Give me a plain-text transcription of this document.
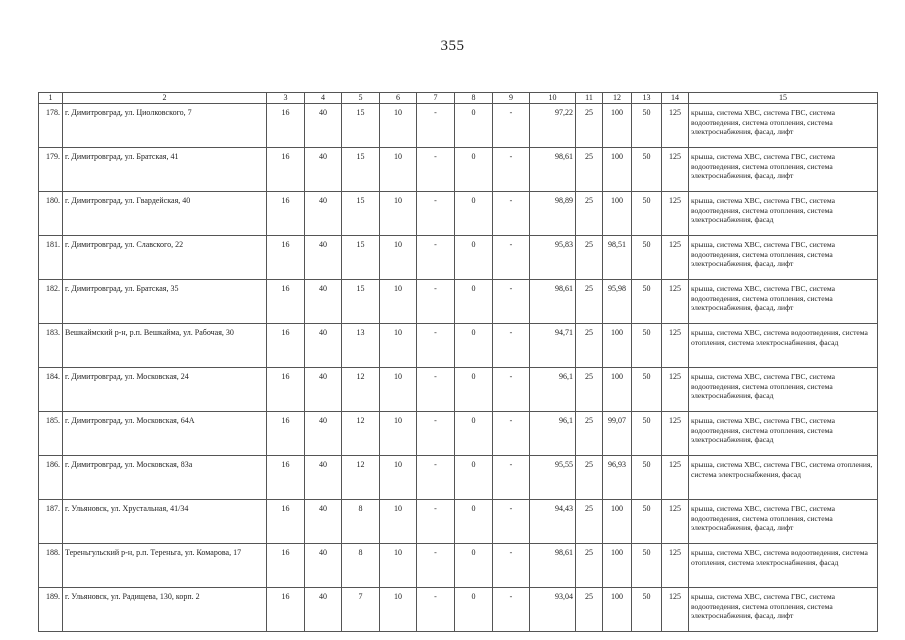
355
1	2	3	4	5	6	7	8	9	10	11	12	13	14	15
178.	г. Димитровград, ул. Циолковского, 7	16	40	15	10	-	0	-	97,22	25	100	50	125	крыша, система ХВС, система ГВС, система водоотведения, система отопления, система электроснабжения, фасад, лифт
179.	г. Димитровград, ул. Братская, 41	16	40	15	10	-	0	-	98,61	25	100	50	125	крыша, система ХВС, система ГВС, система водоотведения, система отопления, система электроснабжения, фасад, лифт
180.	г. Димитровград, ул. Гвардейская, 40	16	40	15	10	-	0	-	98,89	25	100	50	125	крыша, система ХВС, система ГВС, система водоотведения, система отопления, система электроснабжения, фасад
181.	г. Димитровград, ул. Славского, 22	16	40	15	10	-	0	-	95,83	25	98,51	50	125	крыша, система ХВС, система ГВС, система водоотведения, система отопления, система электроснабжения, фасад, лифт
182.	г. Димитровград, ул. Братская, 35	16	40	15	10	-	0	-	98,61	25	95,98	50	125	крыша, система ХВС, система ГВС, система водоотведения, система отопления, система электроснабжения, фасад, лифт
183.	Вешкаймский р-н, р.п. Вешкайма, ул. Рабочая, 30	16	40	13	10	-	0	-	94,71	25	100	50	125	крыша, система ХВС, система водоотведения, система отопления, система электроснабжения, фасад
184.	г. Димитровград, ул. Московская, 24	16	40	12	10	-	0	-	96,1	25	100	50	125	крыша, система ХВС, система ГВС, система водоотведения, система отопления, система электроснабжения, фасад
185.	г. Димитровград, ул. Московская, 64А	16	40	12	10	-	0	-	96,1	25	99,07	50	125	крыша, система ХВС, система ГВС, система водоотведения, система отопления, система электроснабжения, фасад
186.	г. Димитровград, ул. Московская, 83а	16	40	12	10	-	0	-	95,55	25	96,93	50	125	крыша, система ХВС, система ГВС, система отопления, система электроснабжения, фасад
187.	г. Ульяновск, ул. Хрустальная, 41/34	16	40	8	10	-	0	-	94,43	25	100	50	125	крыша, система ХВС, система ГВС, система водоотведения, система отопления, система электроснабжения, фасад, лифт
188.	Тереньгульский р-н, р.п. Тереньга, ул. Комарова, 17	16	40	8	10	-	0	-	98,61	25	100	50	125	крыша, система ХВС, система водоотведения, система отопления, система электроснабжения, фасад
189.	г. Ульяновск, ул. Радищева, 130, корп. 2	16	40	7	10	-	0	-	93,04	25	100	50	125	крыша, система ХВС, система ГВС, система водоотведения, система отопления, система электроснабжения, фасад, лифт
